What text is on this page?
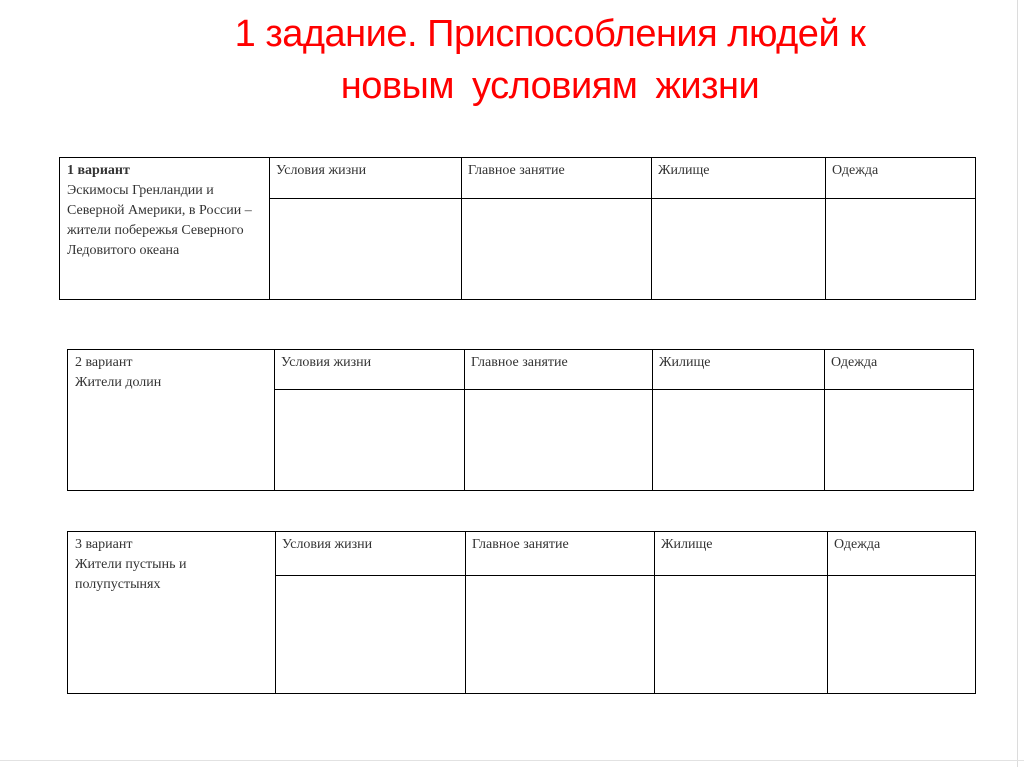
1 задание. Приспособления людей к
новым условиям жизни
1 вариант
Эскимосы Гренландии и Северной Америки, в России – жители побережья Северного Ледовитого океана	Условия жизни	Главное занятие	Жилище	Одежда

2 вариант
Жители долин	Условия жизни	Главное занятие	Жилище	Одежда

3 вариант
Жители пустынь и полупустынях	Условия жизни	Главное занятие	Жилище	Одежда
